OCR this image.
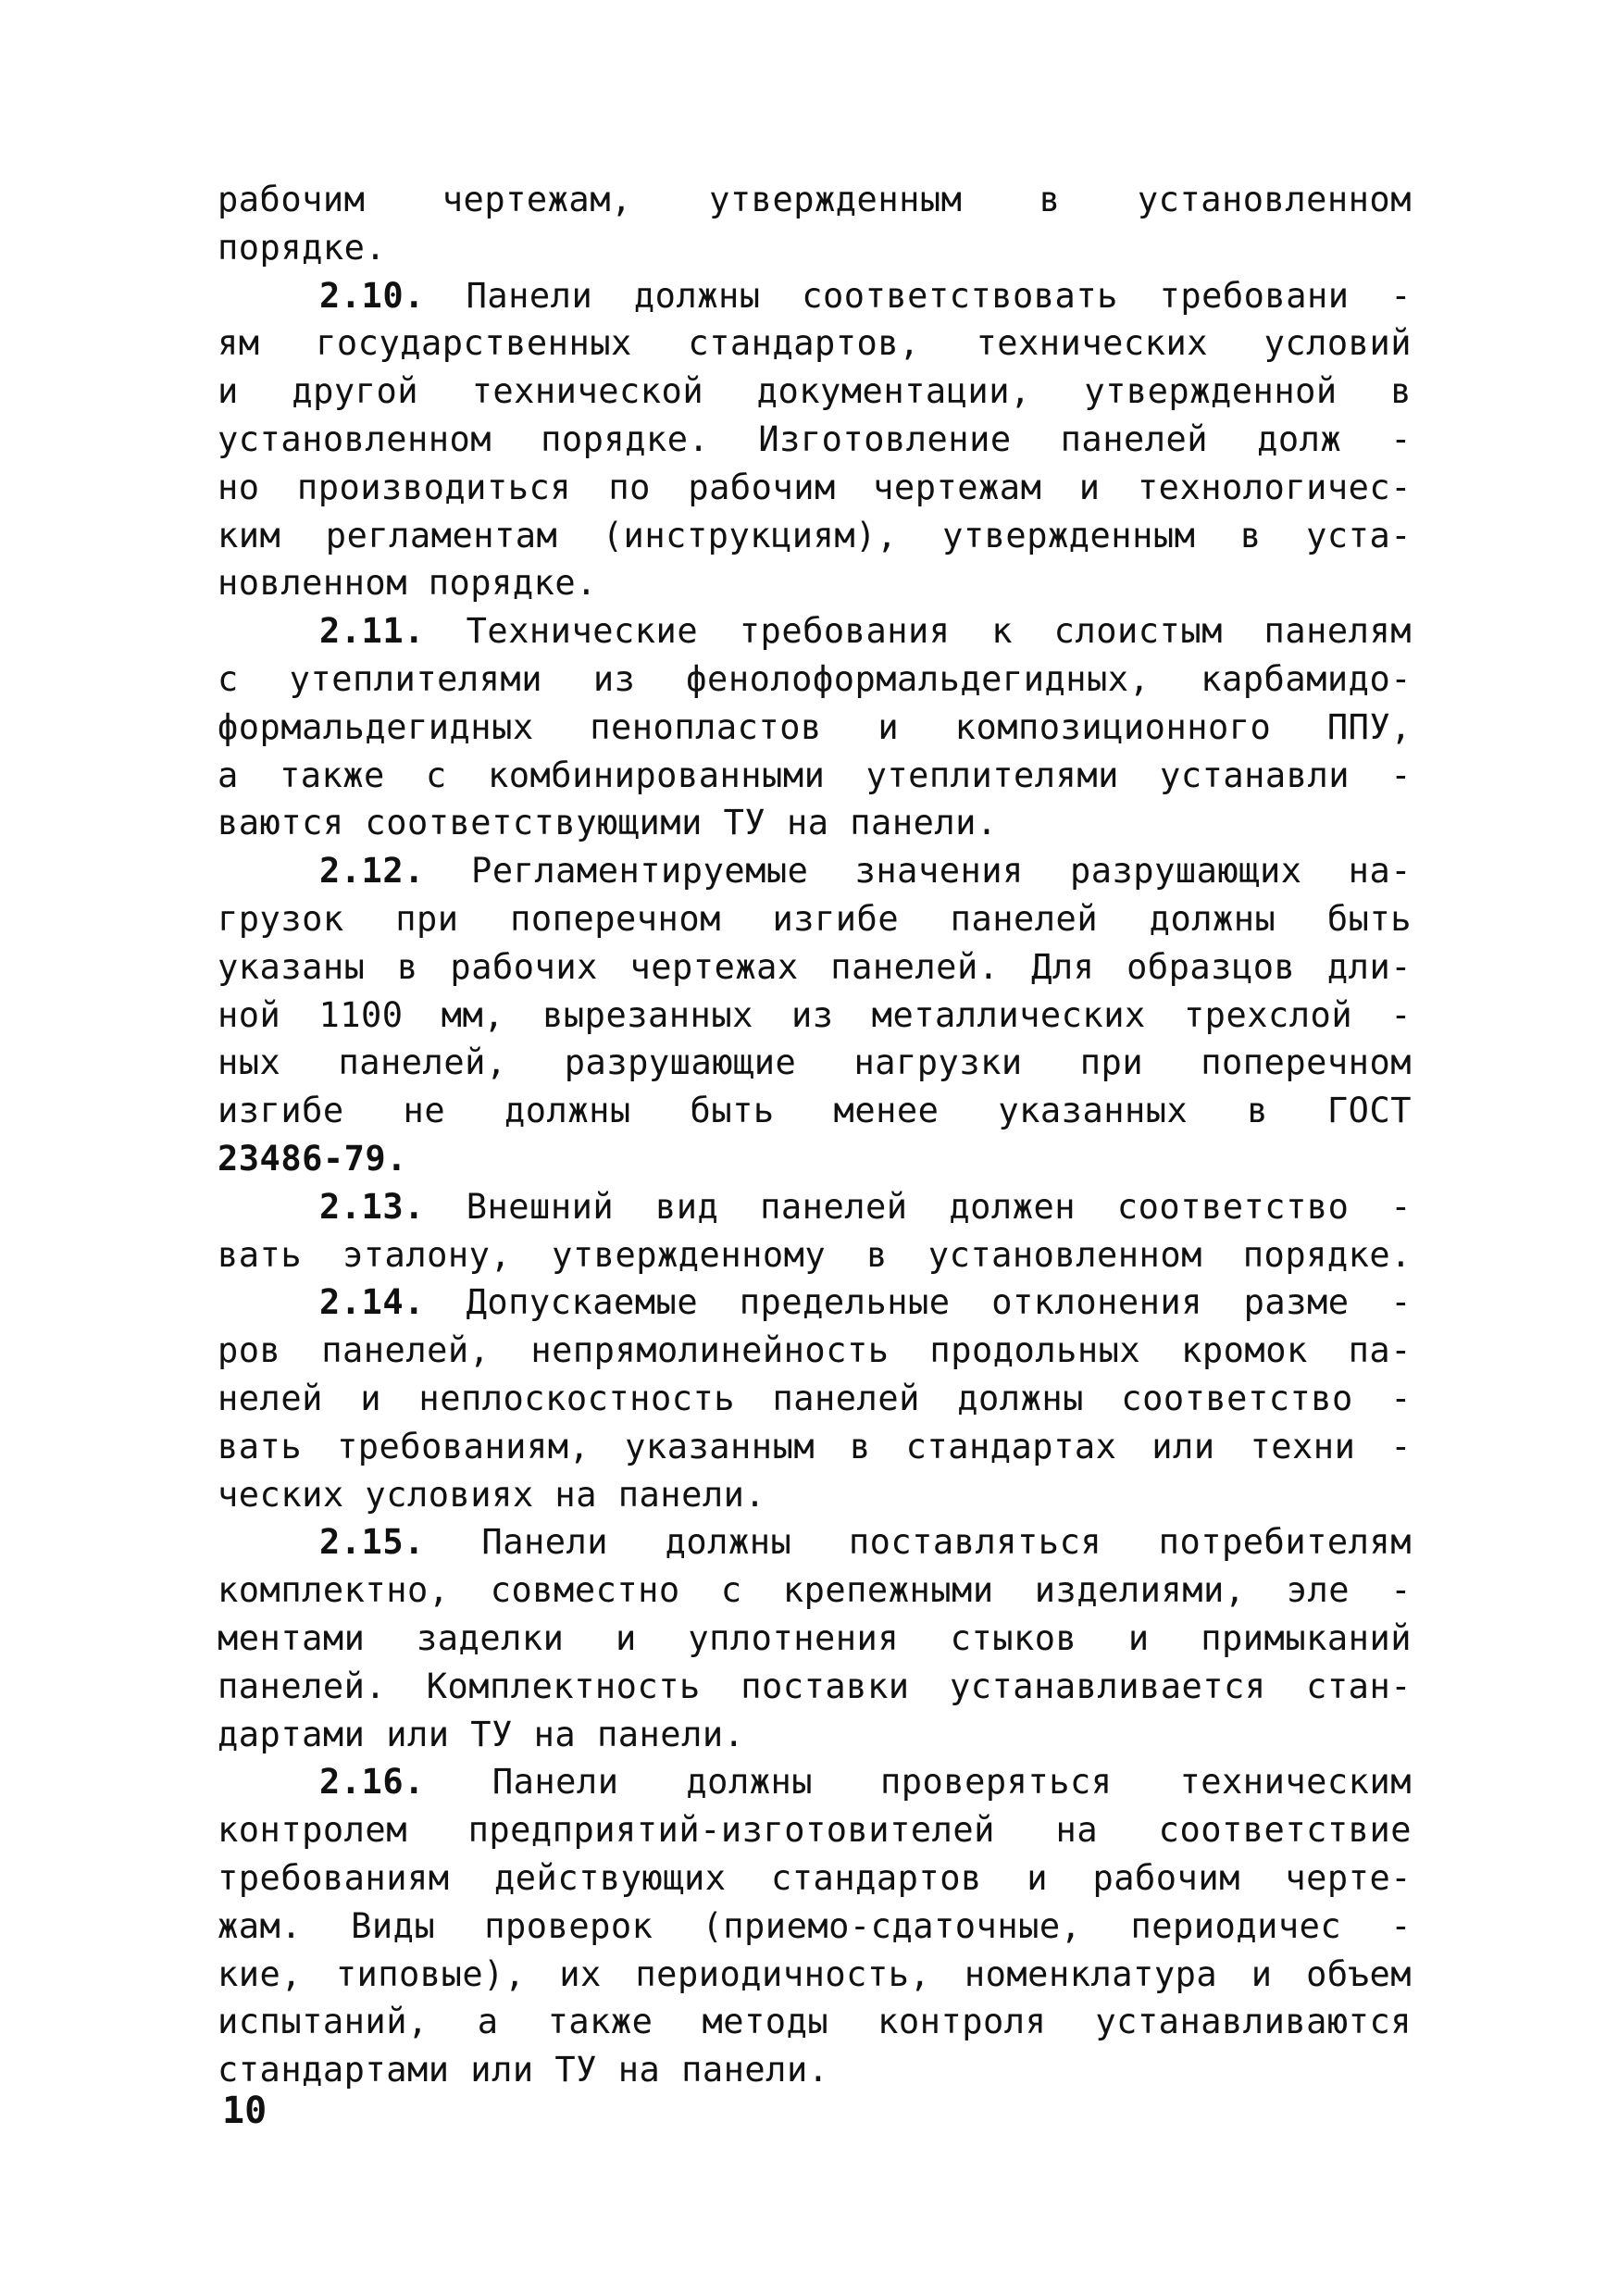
рабочим чертежам, утвержденным в установленном
порядке.
2.10. Панели должны соответствовать требовани -
ям государственных стандартов, технических условий
и другой технической документации, утвержденной в
установленном порядке. Изготовление панелей долж -
но производиться по рабочим чертежам и технологичес-
ким регламентам (инструкциям), утвержденным в уста-
новленном порядке.
2.11. Технические требования к слоистым панелям
с утеплителями из фенолоформальдегидных, карбамидо-
формальдегидных пенопластов и композиционного ППУ,
а также с комбинированными утеплителями устанавли -
ваются соответствующими ТУ на панели.
2.12. Регламентируемые значения разрушающих на-
грузок при поперечном изгибе панелей должны быть
указаны в рабочих чертежах панелей. Для образцов дли-
ной 1100 мм, вырезанных из металлических трехслой -
ных панелей, разрушающие нагрузки при поперечном
изгибе не должны быть менее указанных в ГОСТ
23486-79.
2.13. Внешний вид панелей должен соответство -
вать эталону, утвержденному в установленном порядке.
2.14. Допускаемые предельные отклонения разме -
ров панелей, непрямолинейность продольных кромок па-
нелей и неплоскостность панелей должны соответство -
вать требованиям, указанным в стандартах или техни -
ческих условиях на панели.
2.15. Панели должны поставляться потребителям
комплектно, совместно с крепежными изделиями, эле -
ментами заделки и уплотнения стыков и примыканий
панелей. Комплектность поставки устанавливается стан-
дартами или ТУ на панели.
2.16. Панели должны проверяться техническим
контролем предприятий-изготовителей на соответствие
требованиям действующих стандартов и рабочим черте-
жам. Виды проверок (приемо-сдаточные, периодичес -
кие, типовые), их периодичность, номенклатура и объем
испытаний, а также методы контроля устанавливаются
стандартами или ТУ на панели.
10
